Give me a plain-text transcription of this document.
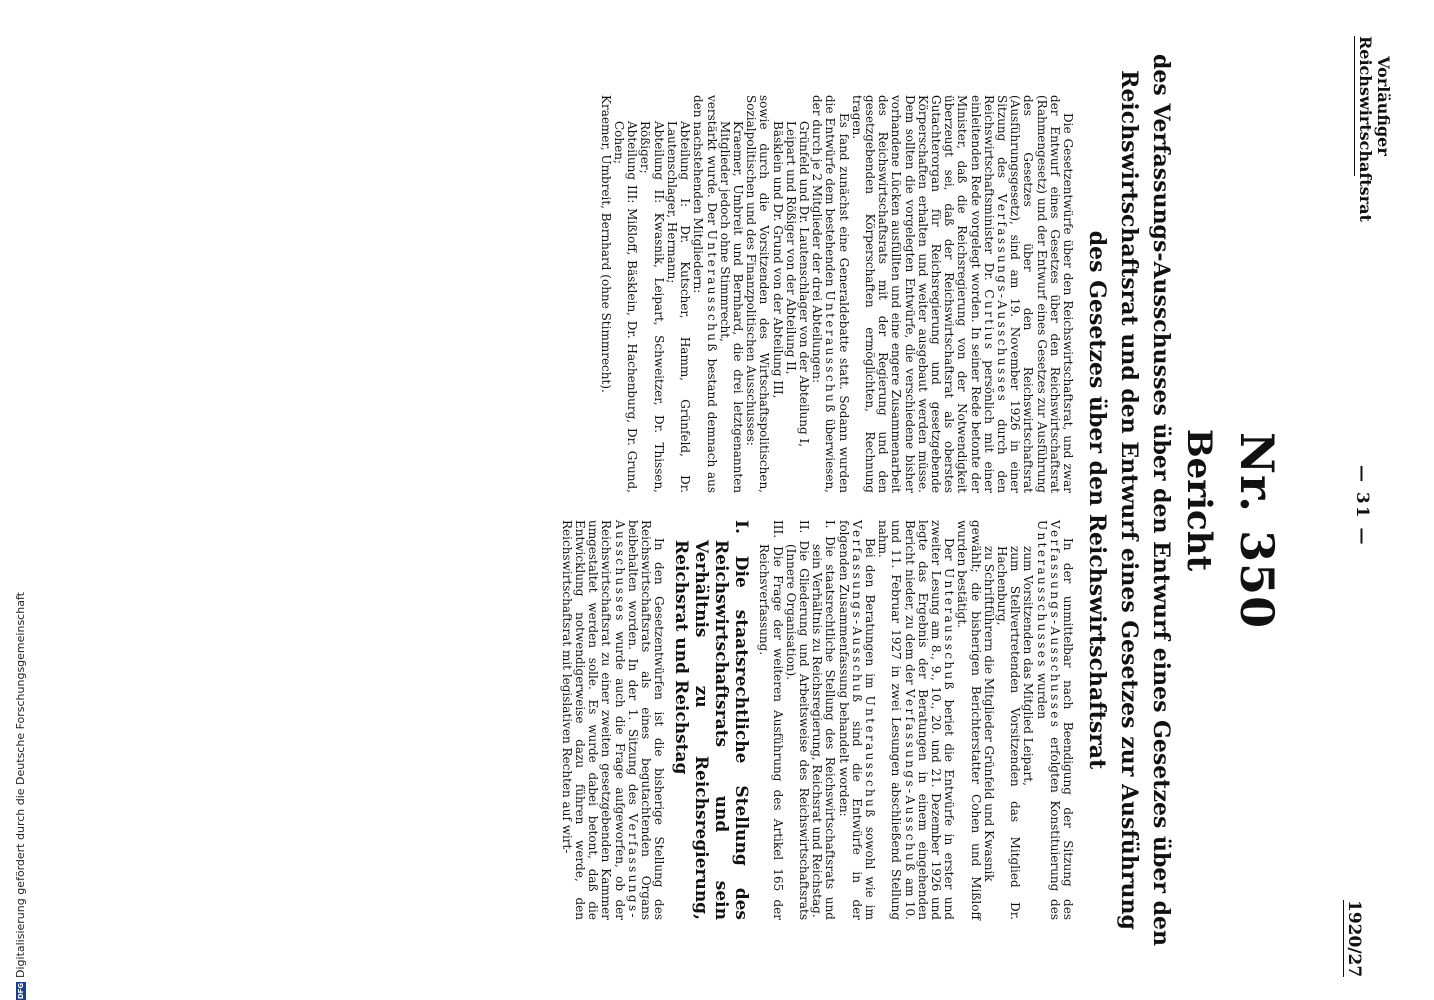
Vorläufiger
Reichswirtschaftsrat
— 31 —
Nr. 350
1920/27
Bericht
des Verfassungs-Ausschusses über den Entwurf eines Gesetzes über den
Reichswirtschaftsrat und den Entwurf eines Gesetzes zur Ausführung
des Gesetzes über den Reichswirtschaftsrat

Die Gesetzentwürfe über den Reichswirtschaftsrat, und zwar der Entwurf eines Gesetzes über den Reichswirtschaftsrat (Rahmengesetz) und der Entwurf eines Gesetzes zur Ausführung des Gesetzes über den Reichswirtschaftsrat (Ausführungsgesetz), sind am 19. November 1926 in einer Sitzung des Verfassungs-Ausschusses durch den Reichswirtschaftsminister Dr. Curtius persönlich mit einer einleitenden Rede vorgelegt worden. In seiner Rede betonte der Minister, daß die Reichsregierung von der Notwendigkeit überzeugt sei, daß der Reichswirtschaftsrat als oberstes Gutachterorgan für Reichsregierung und gesetzgebende Körperschaften erhalten und weiter ausgebaut werden müsse. Dem sollten die vorgelegten Entwürfe, die verschiedene bisher vorhandene Lücken ausfüllten und eine engere Zusammenarbeit des Reichswirtschaftsrats mit der Regierung und den gesetzgebenden Körperschaften ermöglichten, Rechnung tragen.

Es fand zunächst eine Generaldebatte statt. Sodann wurden die Entwürfe dem bestehenden Unterausschuß überwiesen, der durch je 2 Mitglieder der drei Abteilungen:

Grünfeld und Dr. Lautenschlager von der Abteilung I,

Leipart und Rößiger von der Abteilung II,

Bäsklein und Dr. Grund von der Abteilung III,

sowie durch die Vorsitzenden des Wirtschaftspolitischen, Sozialpolitischen und des Finanzpolitischen Ausschusses:

Kraemer, Umbreit und Bernhard, die drei letztgenannten Mitglieder jedoch ohne Stimmrecht,

verstärkt wurde. Der Unterausschuß bestand demnach aus den nachstehenden Mitgliedern:

Abteilung I: Dr. Kutscher, Hamm, Grünfeld, Dr. Lautenschlager, Hermann;

Abteilung II: Kwasnik, Leipart, Schweitzer, Dr. Thissen, Rößiger;

Abteilung III: Mißloff, Bäsklein, Dr. Hachenburg, Dr. Grund, Cohen;

Kraemer, Umbreit, Bernhard (ohne Stimmrecht).

In der unmittelbar nach Beendigung der Sitzung des Verfassungs-Ausschusses erfolgten Konstituierung des Unterausschusses wurden

zum Vorsitzenden das Mitglied Leipart,

zum Stellvertretenden Vorsitzenden das Mitglied Dr. Hachenburg,

zu Schriftführern die Mitglieder Grünfeld und Kwasnik

gewählt; die bisherigen Berichterstatter Cohen und Mißloff wurden bestätigt.

Der Unterausschuß beriet die Entwürfe in erster und zweiter Lesung am 8., 9., 10., 20. und 21. Dezember 1926 und legte das Ergebnis der Beratungen in einem eingehenden Bericht nieder, zu dem der Verfassungs-Ausschuß am 10. und 11. Februar 1927 in zwei Lesungen abschließend Stellung nahm.

Bei den Beratungen im Unterausschuß sowohl wie im Verfassungs-Ausschuß sind die Entwürfe in der folgenden Zusammenfassung behandelt worden:

I. Die staatsrechtliche Stellung des Reichswirtschaftsrats und sein Verhältnis zu Reichsregierung, Reichsrat und Reichstag.

II. Die Gliederung und Arbeitsweise des Reichswirtschaftsrats (Innere Organisation).

III. Die Frage der weiteren Ausführung des Artikel 165 der Reichsverfassung.

I. Die staatsrechtliche Stellung des Reichswirtschaftsrats und sein Verhältnis zu Reichsregierung, Reichsrat und Reichstag

In den Gesetzentwürfen ist die bisherige Stellung des Reichswirtschaftsrats als eines begutachtenden Organs beibehalten worden. In der 1. Sitzung des Verfassungs-Ausschusses wurde auch die Frage aufgeworfen, ob der Reichswirtschaftsrat zu einer zweiten gesetzgebenden Kammer umgestaltet werden solle. Es wurde dabei betont, daß die Entwicklung notwendigerweise dazu führen werde, den Reichswirtschaftsrat mit legislativen Rechten auf wirt-

DFGDigitalisierung gefördert durch die Deutsche Forschungsgemeinschaft
